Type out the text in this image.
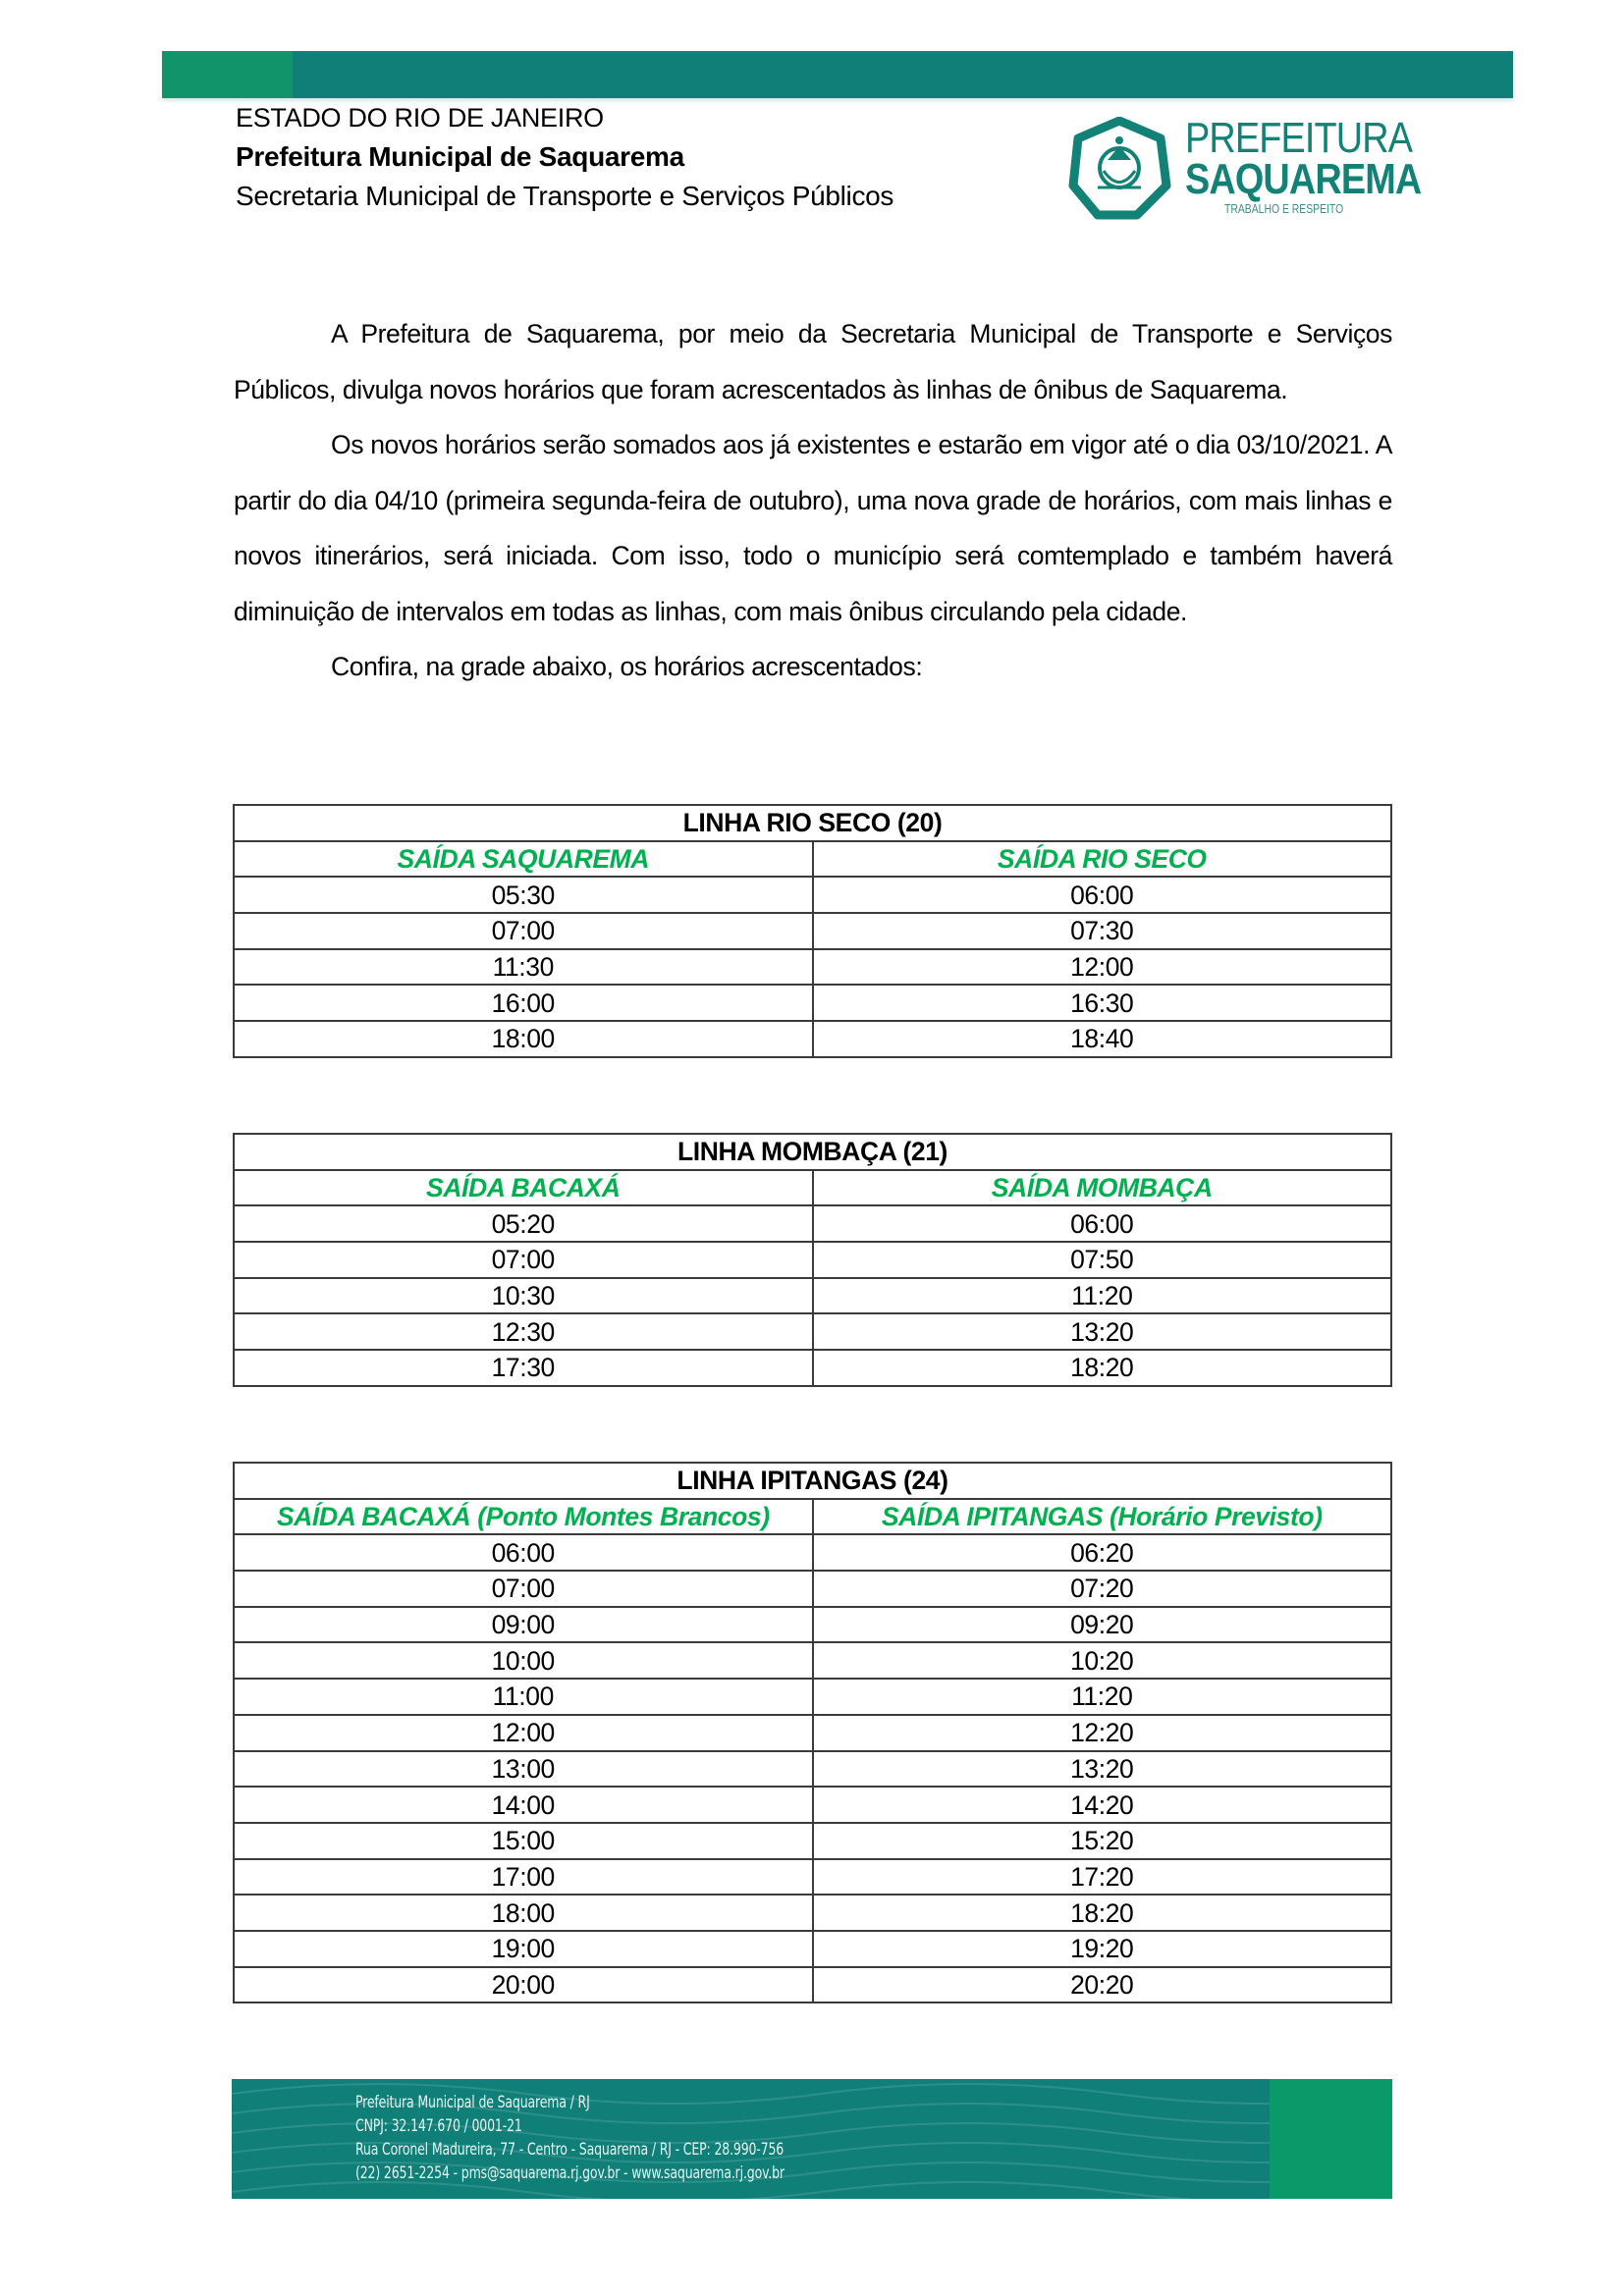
ESTADO DO RIO DE JANEIRO
Prefeitura Municipal de Saquarema
Secretaria Municipal de Transporte e Serviços Públicos
PREFEITURA
SAQUAREMA
TRABALHO E RESPEITO

A Prefeitura de Saquarema, por meio da Secretaria Municipal de Transporte e Serviços Públicos, divulga novos horários que foram acrescentados às linhas de ônibus de Saquarema.

Os novos horários serão somados aos já existentes e estarão em vigor até o dia 03/10/2021. A partir do dia 04/10 (primeira segunda-feira de outubro), uma nova grade de horários, com mais linhas e novos itinerários, será iniciada. Com isso, todo o município será comtemplado e também haverá diminuição de intervalos em todas as linhas, com mais ônibus circulando pela cidade.

Confira, na grade abaixo, os horários acrescentados:

LINHA RIO SECO (20)	
SAÍDA SAQUAREMA	SAÍDA RIO SECO
05:30	06:00
07:00	07:30
11:30	12:00
16:00	16:30
18:00	18:40
LINHA MOMBAÇA (21)	
SAÍDA BACAXÁ	SAÍDA MOMBAÇA
05:20	06:00
07:00	07:50
10:30	11:20
12:30	13:20
17:30	18:20
LINHA IPITANGAS (24)	
SAÍDA BACAXÁ (Ponto Montes Brancos)	SAÍDA IPITANGAS (Horário Previsto)
06:00	06:20
07:00	07:20
09:00	09:20
10:00	10:20
11:00	11:20
12:00	12:20
13:00	13:20
14:00	14:20
15:00	15:20
17:00	17:20
18:00	18:20
19:00	19:20
20:00	20:20
Prefeitura Municipal de Saquarema / RJ
CNPJ: 32.147.670 / 0001-21
Rua Coronel Madureira, 77 - Centro - Saquarema / RJ - CEP: 28.990-756
(22) 2651-2254 - pms@saquarema.rj.gov.br - www.saquarema.rj.gov.br
